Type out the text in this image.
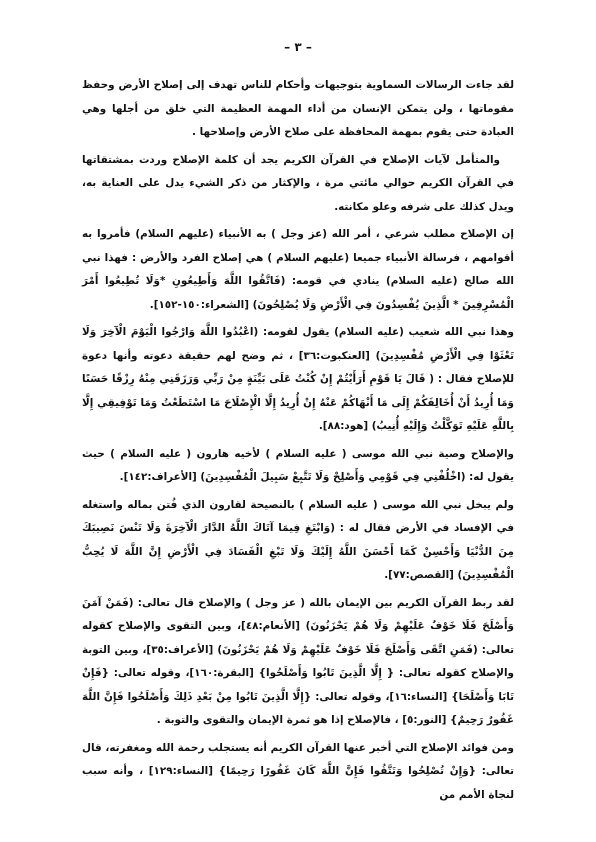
– ٣ –

لقد جاءت الرسالات السماوية بتوجيهات وأحكام للناس تهدف إلى إصلاح الأرض وحفظ مقوماتها ، ولن يتمكن الإنسان من أداء المهمة العظيمة التي خلق من أجلها وهي العبادة حتى يقوم بمهمة المحافظة على صلاح الأرض وإصلاحها .

والمتأمل لآيات الإصلاح في القرآن الكريم يجد أن كلمة الإصلاح وردت بمشتقاتها في القرآن الكريم حوالي مائتي مرة ، والإكثار من ذكر الشيء يدل على العناية به، ويدل كذلك على شرفه وعلو مكانته.

إن الإصلاح مطلب شرعي ، أمر الله (عز وجل ) به الأنبياء (عليهم السلام) فأمروا به أقوامهم ، فرسالة الأنبياء جميعا (عليهم السلام ) هي إصلاح الفرد والأرض : فهذا نبي الله صالح (عليه السلام) ينادي في قومه: (فَاتَّقُوا اللَّهَ وَأَطِيعُونِ *وَلَا تُطِيعُوا أَمْرَ الْمُسْرِفِينَ * الَّذِينَ يُفْسِدُونَ فِي الْأَرْضِ وَلَا يُصْلِحُونَ) [الشعراء:١٥٠-١٥٢].

وهذا نبي الله شعيب (عليه السلام) يقول لقومه: (اعْبُدُوا اللَّهَ وَارْجُوا الْيَوْمَ الْآخِرَ وَلَا تَعْثَوْا فِي الْأَرْضِ مُفْسِدِينَ) [العنكبوت:٣٦] ، ثم وضح لهم حقيقة دعوته وأنها دعوة للإصلاح فقال : ( قَالَ يَا قَوْمِ أَرَأَيْتُمْ إِنْ كُنْتُ عَلَى بَيِّنَةٍ مِنْ رَبِّي وَرَزَقَنِي مِنْهُ رِزْقًا حَسَنًا وَمَا أُرِيدُ أَنْ أُخَالِفَكُمْ إِلَى مَا أَنْهَاكُمْ عَنْهُ إِنْ أُرِيدُ إِلَّا الْإِصْلَاحَ مَا اسْتَطَعْتُ وَمَا تَوْفِيقِي إِلَّا بِاللَّهِ عَلَيْهِ تَوَكَّلْتُ وَإِلَيْهِ أُنِيبُ) [هود:٨٨].

والإصلاح وصية نبي الله موسى ( عليه السلام ) لأخيه هارون ( عليه السلام ) حيث يقول له: (اخْلُفْنِي فِي قَوْمِي وَأَصْلِحْ وَلَا تَتَّبِعْ سَبِيلَ الْمُفْسِدِينَ) [الأعراف:١٤٢].

ولم يبخل نبي الله موسى ( عليه السلام ) بالنصيحة لقارون الذي فُتن بماله واستغله في الإفساد في الأرض فقال له : (وَابْتَغِ فِيمَا آتَاكَ اللَّهُ الدَّارَ الْآخِرَةَ وَلَا تَنْسَ نَصِيبَكَ مِنَ الدُّنْيَا وَأَحْسِنْ كَمَا أَحْسَنَ اللَّهُ إِلَيْكَ وَلَا تَبْغِ الْفَسَادَ فِي الْأَرْضِ إِنَّ اللَّهَ لَا يُحِبُّ الْمُفْسِدِينَ) [القصص:٧٧].

لقد ربط القرآن الكريم بين الإيمان بالله ( عز وجل ) والإصلاح قال تعالى: (فَمَنْ آمَنَ وَأَصْلَحَ فَلَا خَوْفٌ عَلَيْهِمْ وَلَا هُمْ يَحْزَنُونَ) [الأنعام:٤٨]، وبين التقوى والإصلاح كقوله تعالى: (فَمَنِ اتَّقَى وَأَصْلَحَ فَلَا خَوْفٌ عَلَيْهِمْ وَلَا هُمْ يَحْزَنُونَ) [الأعراف:٣٥]، وبين التوبة والإصلاح كقوله تعالى: { إِلَّا الَّذِينَ تَابُوا وَأَصْلَحُوا} [البقرة:١٦٠]، وقوله تعالى: {فَإِنْ تَابَا وَأَصْلَحَا} [النساء:١٦]، وقوله تعالى: {إِلَّا الَّذِينَ تَابُوا مِنْ بَعْدِ ذَلِكَ وَأَصْلَحُوا فَإِنَّ اللَّهَ غَفُورٌ رَحِيمٌ} [النور:٥] ، فالإصلاح إذا هو ثمرة الإيمان والتقوى والتوبة .

ومن فوائد الإصلاح التي أخبر عنها القرآن الكريم أنه يستجلب رحمة الله ومغفرته، قال تعالى: {وَإِنْ تُصْلِحُوا وَتَتَّقُوا فَإِنَّ اللَّهَ كَانَ غَفُورًا رَحِيمًا} [النساء:١٢٩] ، وأنه سبب لنجاة الأمم من
